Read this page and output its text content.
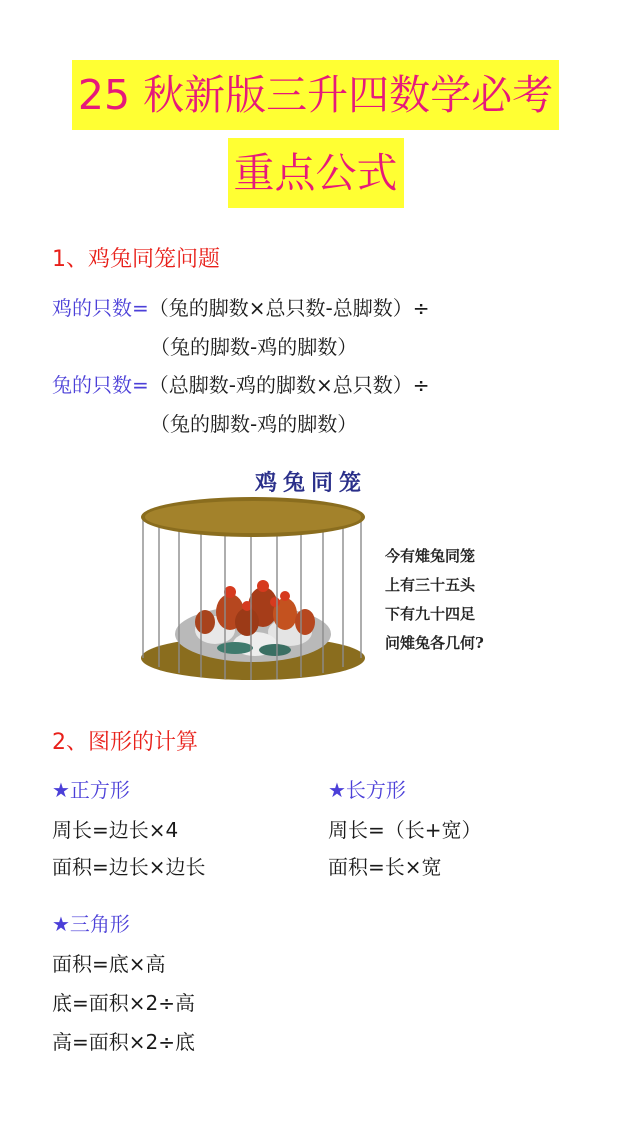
25 秋新版三升四数学必考
重点公式
1、鸡兔同笼问题
鸡的只数=（兔的脚数×总只数-总脚数）÷
（兔的脚数-鸡的脚数）
兔的只数=（总脚数-鸡的脚数×总只数）÷
（兔的脚数-鸡的脚数）
鸡兔同笼
今有雉兔同笼
上有三十五头
下有九十四足
问雉兔各几何?
2、图形的计算
★正方形
周长=边长×4
面积=边长×边长
★长方形
周长=（长+宽）
面积=长×宽
★三角形
面积=底×高
底=面积×2÷高
高=面积×2÷底
